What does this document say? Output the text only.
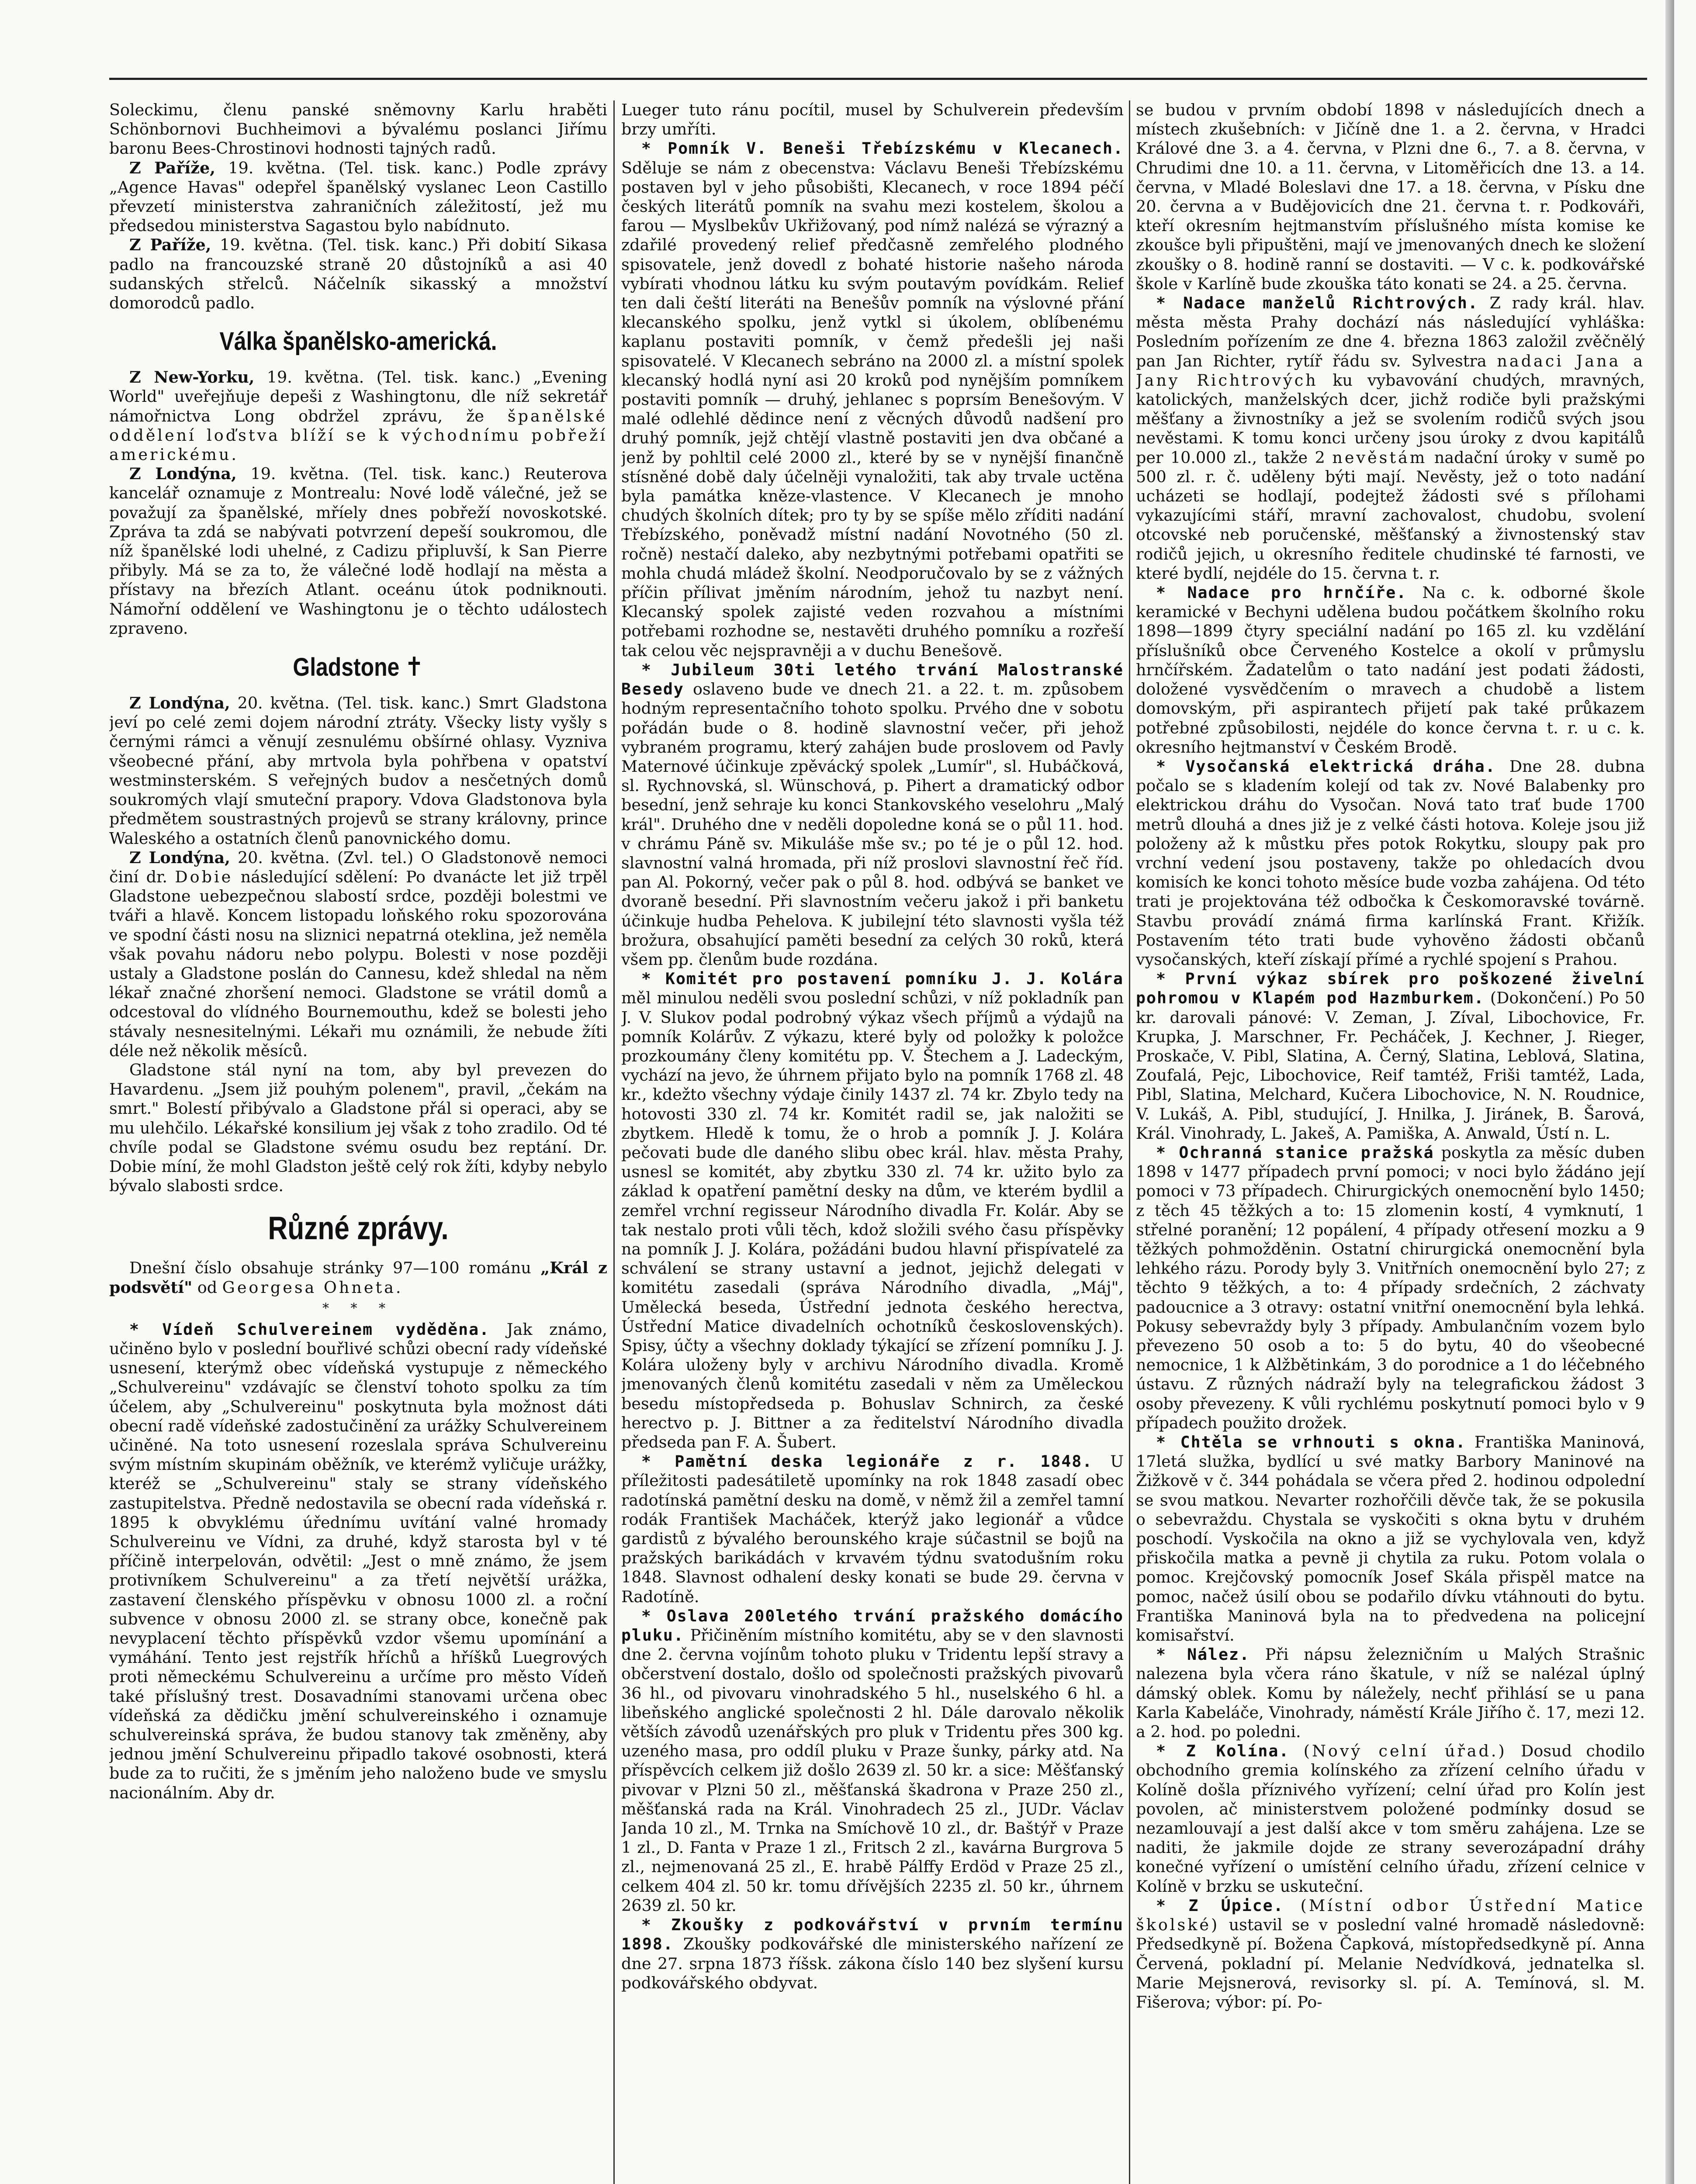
Soleckimu, členu panské sněmovny Karlu hraběti Schönbornovi Buchheimovi a bývalému poslanci Jiřímu baronu Bees-Chrostinovi hodnosti tajných radů.

Z Paříže, 19. května. (Tel. tisk. kanc.) Podle zprávy „Agence Havas" odepřel španělský vyslanec Leon Castillo převzetí ministerstva zahraničních záležitostí, jež mu předsedou ministerstva Sagastou bylo nabídnuto.

Z Paříže, 19. května. (Tel. tisk. kanc.) Při dobití Sikasa padlo na francouzské straně 20 důstojníků a asi 40 sudanských střelců. Náčelník sikasský a množství domorodců padlo.

Válka španělsko-americká.

Z New-Yorku, 19. května. (Tel. tisk. kanc.) „Evening World" uveřejňuje depeši z Washingtonu, dle níž sekretář námořnictva Long obdržel zprávu, že španělské oddělení loďstva blíží se k východnímu pobřeží americkému.

Z Londýna, 19. května. (Tel. tisk. kanc.) Reuterova kancelář oznamuje z Montrealu: Nové lodě válečné, jež se považují za španělské, mříely dnes pobřeží novoskotské. Zpráva ta zdá se nabývati potvrzení depeší soukromou, dle níž španělské lodi uhelné, z Cadizu připluvší, k San Pierre přibyly. Má se za to, že válečné lodě hodlají na města a přístavy na březích Atlant. oceánu útok podniknouti. Námořní oddělení ve Washingtonu je o těchto událostech zpraveno.

Gladstone ✝

Z Londýna, 20. května. (Tel. tisk. kanc.) Smrt Gladstona jeví po celé zemi dojem národní ztráty. Všecky listy vyšly s černými rámci a věnují zesnulému obšírné ohlasy. Vyzniva všeobecné přání, aby mrtvola byla pohřbena v opatství westminsterském. S veřejných budov a nesčetných domů soukromých vlají smuteční prapory. Vdova Gladstonova byla předmětem soustrastných projevů se strany královny, prince Waleského a ostatních členů panovnického domu.

Z Londýna, 20. května. (Zvl. tel.) O Gladstonově nemoci činí dr. Dobie následující sdělení: Po dvanácte let již trpěl Gladstone uebezpečnou slabostí srdce, později bolestmi ve tváři a hlavě. Koncem listopadu loňského roku spozorována ve spodní části nosu na sliznici nepatrná oteklina, jež neměla však povahu nádoru nebo polypu. Bolesti v nose později ustaly a Gladstone poslán do Cannesu, kdež shledal na něm lékař značné zhoršení nemoci. Gladstone se vrátil domů a odcestoval do vlídného Bournemouthu, kdež se bolesti jeho stávaly nesnesitelnými. Lékaři mu oznámili, že nebude žíti déle než několik měsíců.

Gladstone stál nyní na tom, aby byl prevezen do Havardenu. „Jsem již pouhým polenem", pravil, „čekám na smrt." Bolestí přibývalo a Gladstone přál si operaci, aby se mu ulehčilo. Lékařské konsilium jej však z toho zradilo. Od té chvíle podal se Gladstone svému osudu bez reptání. Dr. Dobie míní, že mohl Gladston ještě celý rok žíti, kdyby nebylo bývalo slabosti srdce.

Různé zprávy.

Dnešní číslo obsahuje stránky 97—100 románu „Král z podsvětí" od Georgesa Ohneta.

* * *

* Vídeň Schulvereinem vyděděna. Jak známo, učiněno bylo v poslední bouřlivé schůzi obecní rady vídeňské usnesení, kterýmž obec vídeňská vystupuje z německého „Schulvereinu" vzdávajíc se členství tohoto spolku za tím účelem, aby „Schulvereinu" poskytnuta byla možnost dáti obecní radě vídeňské zadostučinění za urážky Schulvereinem učiněné. Na toto usnesení rozeslala správa Schulvereinu svým místním skupinám oběžník, ve kterémž vyličuje urážky, kteréž se „Schulvereinu" staly se strany vídeňského zastupitelstva. Předně nedostavila se obecní rada vídeňská r. 1895 k obvyklému úřednímu uvítání valné hromady Schulvereinu ve Vídni, za druhé, když starosta byl v té příčině interpelován, odvětil: „Jest o mně známo, že jsem protivníkem Schulvereinu" a za třetí největší urážka, zastavení členského příspěvku v obnosu 1000 zl. a roční subvence v obnosu 2000 zl. se strany obce, konečně pak nevyplacení těchto příspěvků vzdor všemu upomínání a vymáhání. Tento jest rejstřík hříchů a hříšků Luegrových proti německému Schulvereinu a určíme pro město Vídeň také příslušný trest. Dosavadními stanovami určena obec vídeňská za dědičku jmění schulvereinského i oznamuje schulvereinská správa, že budou stanovy tak změněny, aby jednou jmění Schulvereinu připadlo takové osobnosti, která bude za to ručiti, že s jměním jeho naloženo bude ve smyslu nacionálním. Aby dr.

Lueger tuto ránu pocítil, musel by Schulverein především brzy umříti.

* Pomník V. Beneši Třebízskému v Klecanech. Sděluje se nám z obecenstva: Václavu Beneši Třebízskému postaven byl v jeho působišti, Klecanech, v roce 1894 péčí českých literátů pomník na svahu mezi kostelem, školou a farou — Myslbekův Ukřižovaný, pod nímž nalézá se výrazný a zdařilé provedený relief předčasně zemřelého plodného spisovatele, jenž dovedl z bohaté historie našeho národa vybírati vhodnou látku ku svým poutavým povídkám. Relief ten dali čeští literáti na Benešův pomník na výslovné přání klecanského spolku, jenž vytkl si úkolem, oblíbenému kaplanu postaviti pomník, v čemž předešli jej naši spisovatelé. V Klecanech sebráno na 2000 zl. a místní spolek klecanský hodlá nyní asi 20 kroků pod nynějším pomníkem postaviti pomník — druhý, jehlanec s poprsím Benešovým. V malé odlehlé dědince není z věcných důvodů nadšení pro druhý pomník, jejž chtějí vlastně postaviti jen dva občané a jenž by pohltil celé 2000 zl., které by se v nynější finančně stísněné době daly účelněji vynaložiti, tak aby trvale uctěna byla památka kněze-vlastence. V Klecanech je mnoho chudých školních dítek; pro ty by se spíše mělo zříditi nadání Třebízského, poněvadž místní nadání Novotného (50 zl. ročně) nestačí daleko, aby nezbytnými potřebami opatřiti se mohla chudá mládež školní. Neodporučovalo by se z vážných příčin přílivat jměním národním, jehož tu nazbyt není. Klecanský spolek zajisté veden rozvahou a místními potřebami rozhodne se, nestavěti druhého pomníku a rozřeší tak celou věc nejspravněji a v duchu Benešově.

* Jubileum 30ti letého trvání Malostranské Besedy oslaveno bude ve dnech 21. a 22. t. m. způsobem hodným representačního tohoto spolku. Prvého dne v sobotu pořádán bude o 8. hodině slavnostní večer, při jehož vybraném programu, který zahájen bude proslovem od Pavly Maternové účinkuje zpěvácký spolek „Lumír", sl. Hubáčková, sl. Rychnovská, sl. Wünschová, p. Pihert a dramatický odbor besední, jenž sehraje ku konci Stankovského veselohru „Malý král". Druhého dne v neděli dopoledne koná se o půl 11. hod. v chrámu Páně sv. Mikuláše mše sv.; po té je o půl 12. hod. slavnostní valná hromada, při níž proslovi slavnostní řeč říd. pan Al. Pokorný, večer pak o půl 8. hod. odbývá se banket ve dvoraně besední. Při slavnostním večeru jakož i při banketu účinkuje hudba Pehelova. K jubilejní této slavnosti vyšla též brožura, obsahující paměti besední za celých 30 roků, která všem pp. členům bude rozdána.

* Komitét pro postavení pomníku J. J. Kolára měl minulou neděli svou poslední schůzi, v níž pokladník pan J. V. Slukov podal podrobný výkaz všech příjmů a výdajů na pomník Kolárův. Z výkazu, které byly od položky k položce prozkoumány členy komitétu pp. V. Štechem a J. Ladeckým, vychází na jevo, že úhrnem přijato bylo na pomník 1768 zl. 48 kr., kdežto všechny výdaje činily 1437 zl. 74 kr. Zbylo tedy na hotovosti 330 zl. 74 kr. Komitét radil se, jak naložiti se zbytkem. Hledě k tomu, že o hrob a pomník J. J. Kolára pečovati bude dle daného slibu obec král. hlav. města Prahy, usnesl se komitét, aby zbytku 330 zl. 74 kr. užito bylo za základ k opatření pamětní desky na dům, ve kterém bydlil a zemřel vrchní regisseur Národního divadla Fr. Kolár. Aby se tak nestalo proti vůli těch, kdož složili svého času příspěvky na pomník J. J. Kolára, požádáni budou hlavní přispívatelé za schválení se strany ustavní a jednot, jejichž delegati v komitétu zasedali (správa Národního divadla, „Máj", Umělecká beseda, Ústřední jednota českého herectva, Ústřední Matice divadelních ochotníků československých). Spisy, účty a všechny doklady týkající se zřízení pomníku J. J. Kolára uloženy byly v archivu Národního divadla. Kromě jmenovaných členů komitétu zasedali v něm za Uměleckou besedu místopředseda p. Bohuslav Schnirch, za české herectvo p. J. Bittner a za ředitelství Národního divadla předseda pan F. A. Šubert.

* Pamětní deska legionáře z r. 1848. U příležitosti padesátiletě upomínky na rok 1848 zasadí obec radotínská pamětní desku na domě, v němž žil a zemřel tamní rodák František Macháček, kterýž jako legionář a vůdce gardistů z bývalého berounského kraje súčastnil se bojů na pražských barikádách v krvavém týdnu svatodušním roku 1848. Slavnost odhalení desky konati se bude 29. června v Radotíně.

* Oslava 200letého trvání pražského domácího pluku. Přičiněním místního komitétu, aby se v den slavnosti dne 2. června vojínům tohoto pluku v Tridentu lepší stravy a občerstvení dostalo, došlo od společnosti pražských pivovarů 36 hl., od pivovaru vinohradského 5 hl., nuselského 6 hl. a libeňského anglické společnosti 2 hl. Dále darovalo několik větších závodů uzenářských pro pluk v Tridentu přes 300 kg. uzeného masa, pro oddíl pluku v Praze šunky, párky atd. Na příspěvcích celkem již došlo 2639 zl. 50 kr. a sice: Měšťanský pivovar v Plzni 50 zl., měšťanská škadrona v Praze 250 zl., měšťanská rada na Král. Vinohradech 25 zl., JUDr. Václav Janda 10 zl., M. Trnka na Smíchově 10 zl., dr. Baštýř v Praze 1 zl., D. Fanta v Praze 1 zl., Fritsch 2 zl., kavárna Burgrova 5 zl., nejmenovaná 25 zl., E. hrabě Pálffy Erdöd v Praze 25 zl., celkem 404 zl. 50 kr. tomu dřívějších 2235 zl. 50 kr., úhrnem 2639 zl. 50 kr.

* Zkoušky z podkovářství v prvním termínu 1898. Zkoušky podkovářské dle ministerského nařízení ze dne 27. srpna 1873 říšsk. zákona číslo 140 bez slyšení kursu podkovářského obdyvat.

se budou v prvním období 1898 v následujících dnech a místech zkušebních: v Jičíně dne 1. a 2. června, v Hradci Králové dne 3. a 4. června, v Plzni dne 6., 7. a 8. června, v Chrudimi dne 10. a 11. června, v Litoměřicích dne 13. a 14. června, v Mladé Boleslavi dne 17. a 18. června, v Písku dne 20. června a v Budějovicích dne 21. června t. r. Podkováři, kteří okresním hejtmanstvím příslušného místa komise ke zkoušce byli připuštěni, mají ve jmenovaných dnech ke složení zkoušky o 8. hodině ranní se dostaviti. — V c. k. podkovářské škole v Karlíně bude zkouška táto konati se 24. a 25. června.

* Nadace manželů Richtrových. Z rady král. hlav. města města Prahy dochází nás následující vyhláška: Posledním pořízením ze dne 4. března 1863 založil zvěčnělý pan Jan Richter, rytíř řádu sv. Sylvestra nadaci Jana a Jany Richtrových ku vybavování chudých, mravných, katolických, manželských dcer, jichž rodiče byli pražskými měšťany a živnostníky a jež se svolením rodičů svých jsou nevěstami. K tomu konci určeny jsou úroky z dvou kapitálů per 10.000 zl., takže 2 nevěstám nadační úroky v sumě po 500 zl. r. č. uděleny býti mají. Nevěsty, jež o toto nadání ucházeti se hodlají, podejtež žádosti své s přílohami vykazujícími stáří, mravní zachovalost, chudobu, svolení otcovské neb poručenské, měšťanský a živnostenský stav rodičů jejich, u okresního ředitele chudinské té farnosti, ve které bydlí, nejdéle do 15. června t. r.

* Nadace pro hrnčíře. Na c. k. odborné škole keramické v Bechyni udělena budou počátkem školního roku 1898—1899 čtyry speciální nadání po 165 zl. ku vzdělání příslušníků obce Červeného Kostelce a okolí v průmyslu hrnčířském. Žadatelům o tato nadání jest podati žádosti, doložené vysvědčením o mravech a chudobě a listem domovským, při aspirantech přijetí pak také průkazem potřebné způsobilosti, nejdéle do konce června t. r. u c. k. okresního hejtmanství v Českém Brodě.

* Vysočanská elektrická dráha. Dne 28. dubna počalo se s kladením kolejí od tak zv. Nové Balabenky pro elektrickou dráhu do Vysočan. Nová tato trať bude 1700 metrů dlouhá a dnes již je z velké části hotova. Koleje jsou již položeny až k můstku přes potok Rokytku, sloupy pak pro vrchní vedení jsou postaveny, takže po ohledacích dvou komisích ke konci tohoto měsíce bude vozba zahájena. Od této trati je projektována též odbočka k Českomoravské továrně. Stavbu provádí známá firma karlínská Frant. Křižík. Postavením této trati bude vyhověno žádosti občanů vysočanských, kteří získají přímé a rychlé spojení s Prahou.

* První výkaz sbírek pro poškozené živelní pohromou v Klapém pod Hazmburkem. (Dokončení.) Po 50 kr. darovali pánové: V. Zeman, J. Zíval, Libochovice, Fr. Krupka, J. Marschner, Fr. Pecháček, J. Kechner, J. Rieger, Proskače, V. Pibl, Slatina, A. Černý, Slatina, Leblová, Slatina, Zoufalá, Pejc, Libochovice, Reif tamtéž, Friši tamtéž, Lada, Pibl, Slatina, Melchard, Kučera Libochovice, N. N. Roudnice, V. Lukáš, A. Pibl, studující, J. Hnilka, J. Jiránek, B. Šarová, Král. Vinohrady, L. Jakeš, A. Pamiška, A. Anwald, Ústí n. L.

* Ochranná stanice pražská poskytla za měsíc duben 1898 v 1477 případech první pomoci; v noci bylo žádáno její pomoci v 73 případech. Chirurgických onemocnění bylo 1450; z těch 45 těžkých a to: 15 zlomenin kostí, 4 vymknutí, 1 střelné poranění; 12 popálení, 4 případy otřesení mozku a 9 těžkých pohmožděnin. Ostatní chirurgická onemocnění byla lehkého rázu. Porody byly 3. Vnitřních onemocnění bylo 27; z těchto 9 těžkých, a to: 4 případy srdečních, 2 záchvaty padoucnice a 3 otravy: ostatní vnitřní onemocnění byla lehká. Pokusy sebevraždy byly 3 případy. Ambulančním vozem bylo převezeno 50 osob a to: 5 do bytu, 40 do všeobecné nemocnice, 1 k Alžbětinkám, 3 do porodnice a 1 do léčebného ústavu. Z různých nádraží byly na telegrafickou žádost 3 osoby převezeny. K vůli rychlému poskytnutí pomoci bylo v 9 případech použito drožek.

* Chtěla se vrhnouti s okna. Františka Maninová, 17letá služka, bydlící u své matky Barbory Maninové na Žižkově v č. 344 pohádala se včera před 2. hodinou odpolední se svou matkou. Nevarter rozhořčili děvče tak, že se pokusila o sebevraždu. Chystala se vyskočiti s okna bytu v druhém poschodí. Vyskočila na okno a již se vychylovala ven, když přiskočila matka a pevně ji chytila za ruku. Potom volala o pomoc. Krejčovský pomocník Josef Skála přispěl matce na pomoc, načež úsilí obou se podařilo dívku vtáhnouti do bytu. Františka Maninová byla na to předvedena na policejní komisařství.

* Nález. Při nápsu železničním u Malých Strašnic nalezena byla včera ráno škatule, v níž se nalézal úplný dámský oblek. Komu by náležely, nechť přihlásí se u pana Karla Kabeláče, Vinohrady, náměstí Krále Jiřího č. 17, mezi 12. a 2. hod. po poledni.

* Z Kolína. (Nový celní úřad.) Dosud chodilo obchodního gremia kolínského za zřízení celního úřadu v Kolíně došla příznivého vyřízení; celní úřad pro Kolín jest povolen, ač ministerstvem položené podmínky dosud se nezamlouvají a jest další akce v tom směru zahájena. Lze se naditi, že jakmile dojde ze strany severozápadní dráhy konečné vyřízení o umístění celního úřadu, zřízení celnice v Kolíně v brzku se uskuteční.

* Z Úpice. (Místní odbor Ústřední Matice školské) ustavil se v poslední valné hromadě následovně: Předsedkyně pí. Božena Čapková, místopředsedkyně pí. Anna Červená, pokladní pí. Melanie Nedvídková, jednatelka sl. Marie Mejsnerová, revisorky sl. pí. A. Temínová, sl. M. Fišerova; výbor: pí. Po-
